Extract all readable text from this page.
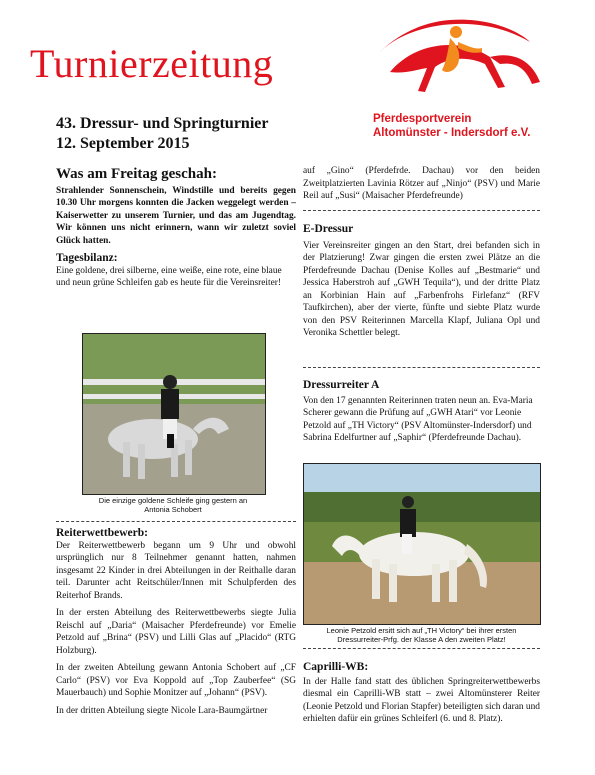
Turnierzeitung
Pferdesportverein
Altomünster - Indersdorf e.V.
43. Dressur- und Springturnier
12. September 2015
Was am Freitag geschah:

Strahlender Sonnenschein, Windstille und bereits gegen 10.30 Uhr morgens konnten die Jacken weggelegt werden – Kaiserwetter zu unserem Turnier, und das am Jugendtag. Wir können uns nicht erinnern, wann wir zuletzt soviel Glück hatten.

Tagesbilanz:

Eine goldene, drei silberne, eine weiße, eine rote, eine blaue und neun grüne Schleifen gab es heute für die Vereinsreiter!

Die einzige goldene Schleife ging gestern an
Antonia Schobert
Reiterwettbewerb:

Der Reiterwettbewerb begann um 9 Uhr und obwohl ursprünglich nur 8 Teilnehmer genannt hatten, nahmen insgesamt 22 Kinder in drei Abteilungen in der Reithalle daran teil. Darunter acht Reitschüler/Innen mit Schulpferden des Reiterhof Brands.

In der ersten Abteilung des Reiterwettbewerbs siegte Julia Reischl auf „Daria“ (Maisacher Pferdefreunde) vor Emelie Petzold auf „Brina“ (PSV) und Lilli Glas auf „Placido“ (RTG Holzburg).

In der zweiten Abteilung gewann Antonia Schobert auf „CF Carlo“ (PSV) vor Eva Koppold auf „Top Zauberfee“ (SG Mauerbauch) und Sophie Monitzer auf „Johann“ (PSV).

In der dritten Abteilung siegte Nicole Lara-Baumgärtner

auf „Gino“ (Pferdefrde. Dachau) vor den beiden Zweitplatzierten Lavinia Rötzer auf „Ninjo“ (PSV) und Marie Reil auf „Susi“ (Maisacher Pferdefreunde)

E-Dressur

Vier Vereinsreiter gingen an den Start, drei befanden sich in der Platzierung! Zwar gingen die ersten zwei Plätze an die Pferdefreunde Dachau (Denise Kolles auf „Bestmarie“ und Jessica Haberstroh auf „GWH Tequila“), und der dritte Platz an Korbinian Hain auf „Farbenfrohs Firlefanz“ (RFV Taufkirchen), aber der vierte, fünfte und siebte Platz wurde von den PSV Reiterinnen Marcella Klapf, Juliana Opl und Veronika Schettler belegt.

Dressurreiter A

Von den 17 genannten Reiterinnen traten neun an. Eva-Maria Scherer gewann die Prüfung auf „GWH Atari“ vor Leonie Petzold auf „TH Victory“ (PSV Altomünster-Indersdorf) und Sabrina Edelfurtner auf „Saphir“ (Pferdefreunde Dachau).

Leonie Petzold ersitt sich auf „TH Victory“ bei ihrer ersten
Dressurreiter-Prfg. der Klasse A den zweiten Platz!
Caprilli-WB:

In der Halle fand statt des üblichen Springreiterwettbewerbs diesmal ein Caprilli-WB statt – zwei Altomünsterer Reiter (Leonie Petzold und Florian Stapfer) beteiligten sich daran und erhielten dafür ein grünes Schleiferl (6. und 8. Platz).
